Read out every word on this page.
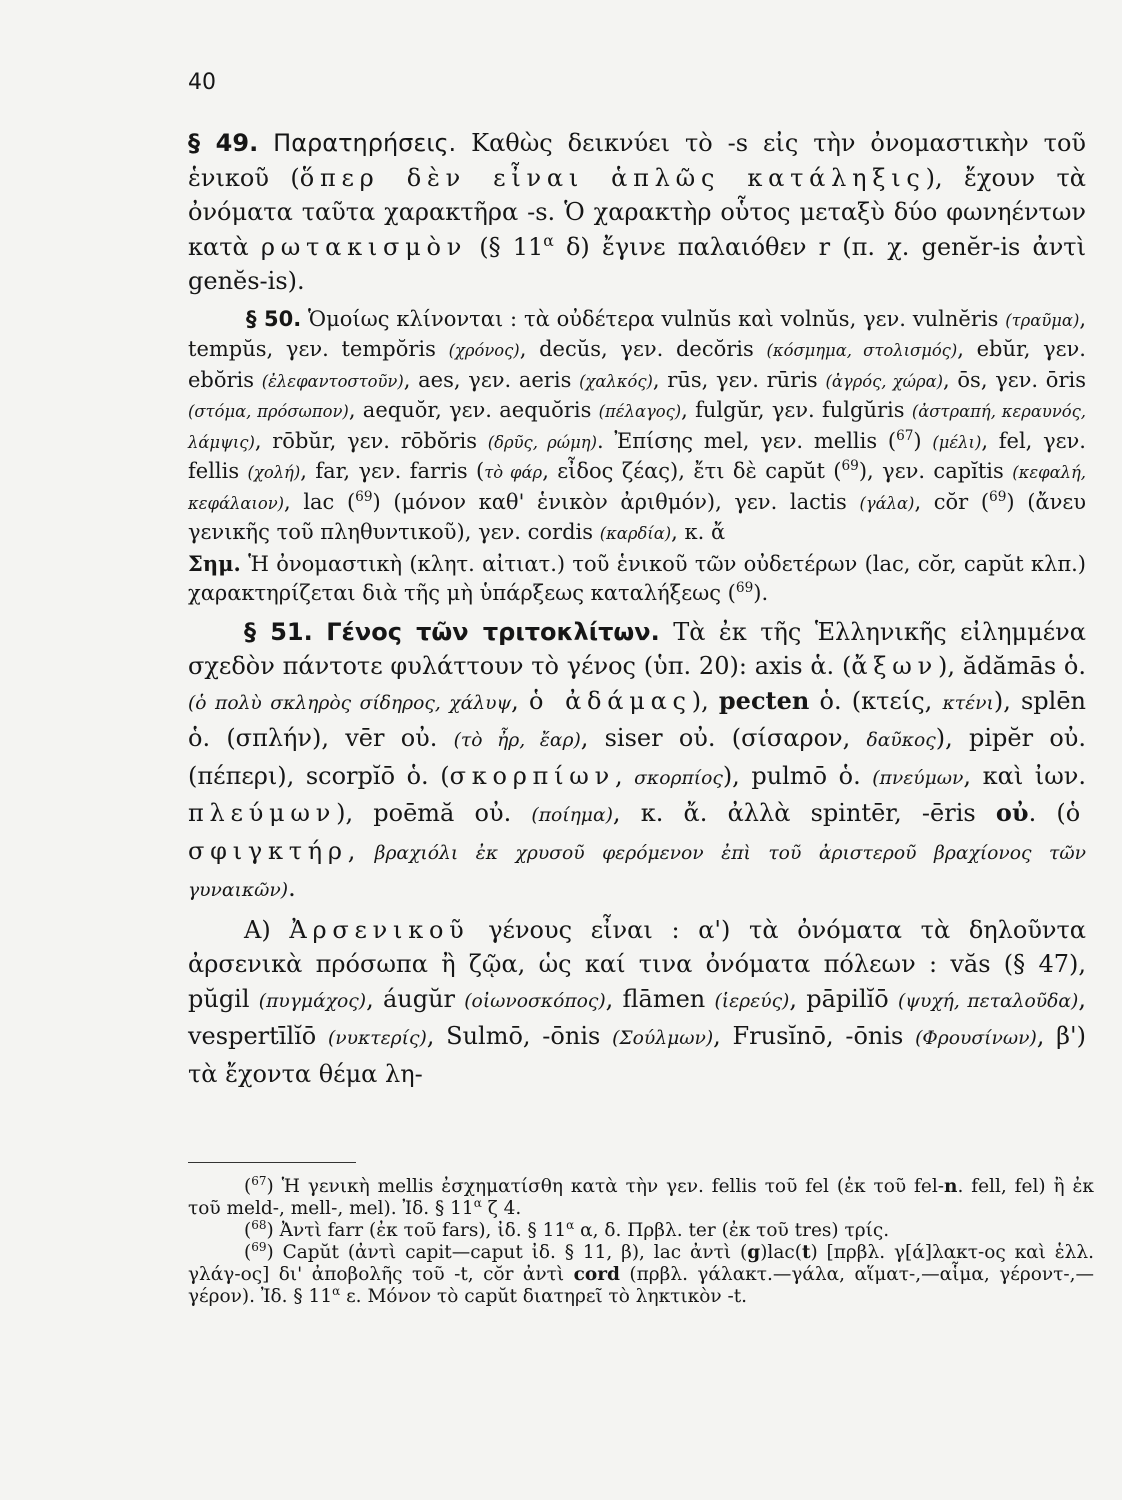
40

§ 49. Παρατηρήσεις. Καθὼς δεικνύει τὸ -s εἰς τὴν ὀνομαστικὴν τοῦ ἑνικοῦ (ὅπερ δὲν εἶναι ἁπλῶς κατάληξις), ἔχουν τὰ ὀνόματα ταῦτα χαρακτῆρα -s. Ὁ χαρακτὴρ οὗτος μεταξὺ δύο φωνηέντων κατὰ ρωτακισμὸν (§ $11^\alpha$ δ) ἔγινε παλαιόθεν r (π. χ. genĕr-is ἀντὶ genĕs-is).

§ 50. Ὁμοίως κλίνονται : τὰ οὐδέτερα vulnŭs καὶ volnŭs, γεν. vulnĕris (τραῦμα), tempŭs, γεν. tempŏris (χρόνος), decŭs, γεν. decŏris (κόσμημα, στολισμός), ebŭr, γεν. ebŏris (ἐλεφαντοστοῦν), aes, γεν. aeris (χαλκός), rūs, γεν. rūris (ἀγρός, χώρα), ōs, γεν. ōris (στόμα, πρόσωπον), aequŏr, γεν. aequŏris (πέλαγος), fulgŭr, γεν. fulgŭris (ἀστραπή, κεραυνός, λάμψις), rōbŭr, γεν. rōbŏris (δρῦς, ρώμη). Ἐπίσης mel, γεν. mellis ($^{67}$) (μέλι), fel, γεν. fellis (χολή), far, γεν. farris (τὸ φάρ, εἶδος ζέας), ἔτι δὲ capŭt ($^{69}$), γεν. capĭtis (κεφαλή, κεφάλαιον), lac ($^{69}$) (μόνον καθ' ἑνικὸν ἀριθμόν), γεν. lactis (γάλα), cŏr ($^{69}$) (ἄνευ γενικῆς τοῦ πληθυντικοῦ), γεν. cordis (καρδία), κ. ἄ

Σημ. Ἡ ὀνομαστικὴ (κλητ. αἰτιατ.) τοῦ ἑνικοῦ τῶν οὐδετέρων (lac, cŏr, capŭt κλπ.) χαρακτηρίζεται διὰ τῆς μὴ ὑπάρξεως καταλήξεως ($^{69}$).

§ 51. Γένος τῶν τριτοκλίτων. Τὰ ἐκ τῆς Ἑλληνικῆς εἰλημμένα σχεδὸν πάντοτε φυλάττουν τὸ γένος (ὑπ. 20): axis ἁ. (ἄξων), ădămās ὁ. (ὁ πολὺ σκληρὸς σίδηρος, χάλυψ, ὁ ἀδάμας), pecten ὁ. (κτείς, κτένι), splēn ὁ. (σπλήν), vēr οὐ. (τὸ ἦρ, ἔαρ), siser οὐ. (σίσαρον, δαῦκος), pipĕr οὐ. (πέπερι), scorpĭō ὁ. (σκορπίων, σκορπίος), pulmō ὁ. (πνεύμων, καὶ ἰων. πλεύμων), poēmă οὐ. (ποίημα), κ. ἄ. ἀλλὰ spintēr, -ēris οὐ. (ὁ σφιγκτήρ, βραχιόλι ἐκ χρυσοῦ φερόμενον ἐπὶ τοῦ ἀριστεροῦ βραχίονος τῶν γυναικῶν).

Α) Ἀρσενικοῦ γένους εἶναι : α') τὰ ὀνόματα τὰ δηλοῦντα ἀρσενικὰ πρόσωπα ἢ ζῷα, ὡς καί τινα ὀνόματα πόλεων : văs (§ 47), pŭgil (πυγμάχος), áugŭr (οἰωνοσκόπος), flāmen (ἱερεύς), pāpilĭō (ψυχή, πεταλοῦδα), vespertīlĭō (νυκτερίς), Sulmō, -ōnis (Σούλμων), Frusĭnō, -ōnis (Φρουσίνων), β') τὰ ἔχοντα θέμα λη-

($^{67}$) Ἡ γενικὴ mellis ἐσχηματίσθη κατὰ τὴν γεν. fellis τοῦ fel (ἐκ τοῦ fel-n. fell, fel) ἢ ἐκ τοῦ meld-, mell-, mel). Ἰδ. § $11^\alpha$ ζ 4.

($^{68}$) Ἀντὶ farr (ἐκ τοῦ fars), ἰδ. § $11^\alpha$ α, δ. Πρβλ. ter (ἐκ τοῦ tres) τρίς.

($^{69}$) Capŭt (ἀντὶ capit—caput ἰδ. § 11, β), lac ἀντὶ (g)lac(t) [πρβλ. γ[ά]λακτ-ος καὶ ἑλλ. γλάγ-ος] δι' ἀποβολῆς τοῦ -t, cŏr ἀντὶ cord (πρβλ. γάλακτ.—γάλα, αἵματ-,—αἷμα, γέροντ-,—γέρον). Ἰδ. § $11^\alpha$ ε. Μόνον τὸ capŭt διατηρεῖ τὸ ληκτικὸν -t.
